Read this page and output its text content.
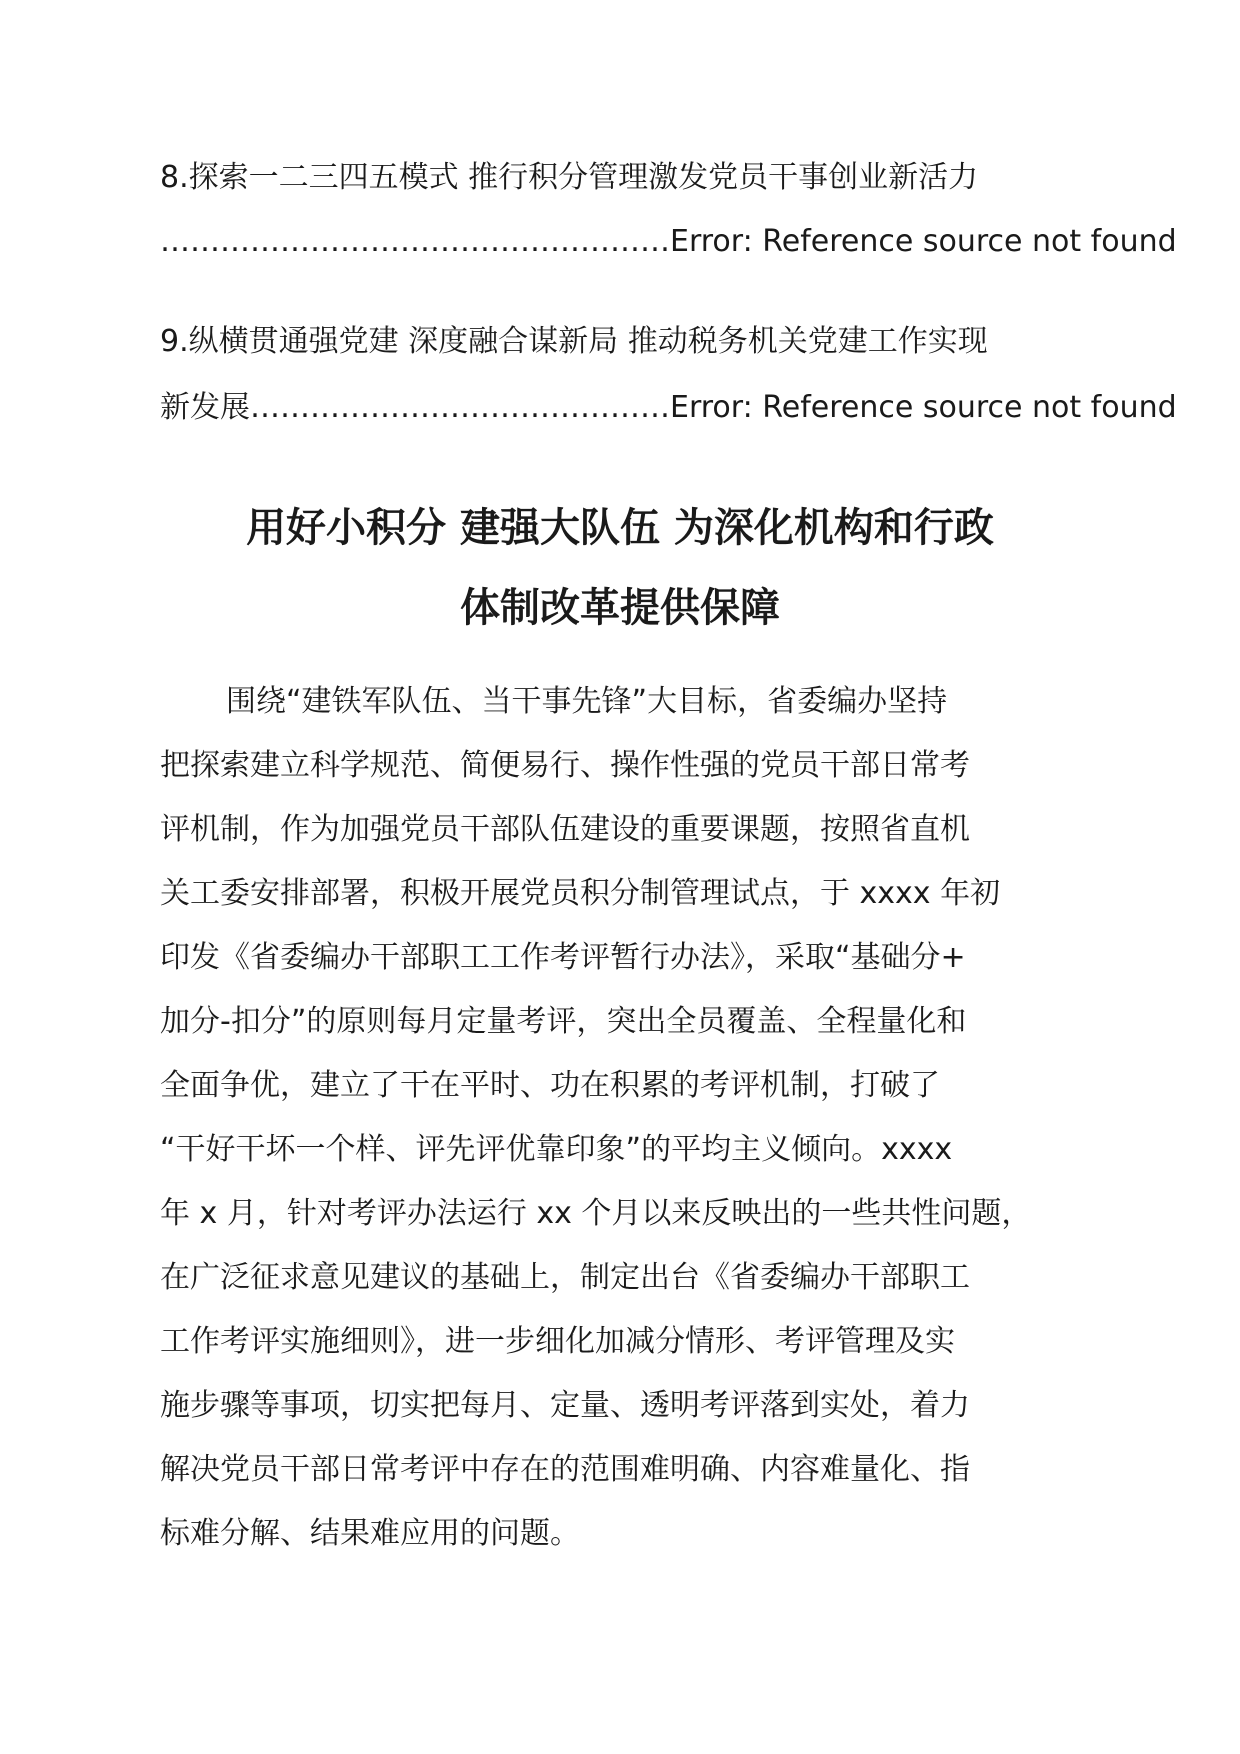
8.探索一二三四五模式 推行积分管理激发党员干事创业新活力
……………………………………………Error: Reference source not found
9.纵横贯通强党建 深度融合谋新局 推动税务机关党建工作实现
新发展……………………………………Error: Reference source not found
用好小积分 建强大队伍 为深化机构和行政
体制改革提供保障
围绕“建铁军队伍、当干事先锋”大目标，省委编办坚持
把探索建立科学规范、简便易行、操作性强的党员干部日常考
评机制，作为加强党员干部队伍建设的重要课题，按照省直机
关工委安排部署，积极开展党员积分制管理试点，于 xxxx 年初
印发《省委编办干部职工工作考评暂行办法》，采取“基础分+
加分-扣分”的原则每月定量考评，突出全员覆盖、全程量化和
全面争优，建立了干在平时、功在积累的考评机制，打破了
“干好干坏一个样、评先评优靠印象”的平均主义倾向。xxxx
年 x 月，针对考评办法运行 xx 个月以来反映出的一些共性问题，
在广泛征求意见建议的基础上，制定出台《省委编办干部职工
工作考评实施细则》，进一步细化加减分情形、考评管理及实
施步骤等事项，切实把每月、定量、透明考评落到实处，着力
解决党员干部日常考评中存在的范围难明确、内容难量化、指
标难分解、结果难应用的问题。
